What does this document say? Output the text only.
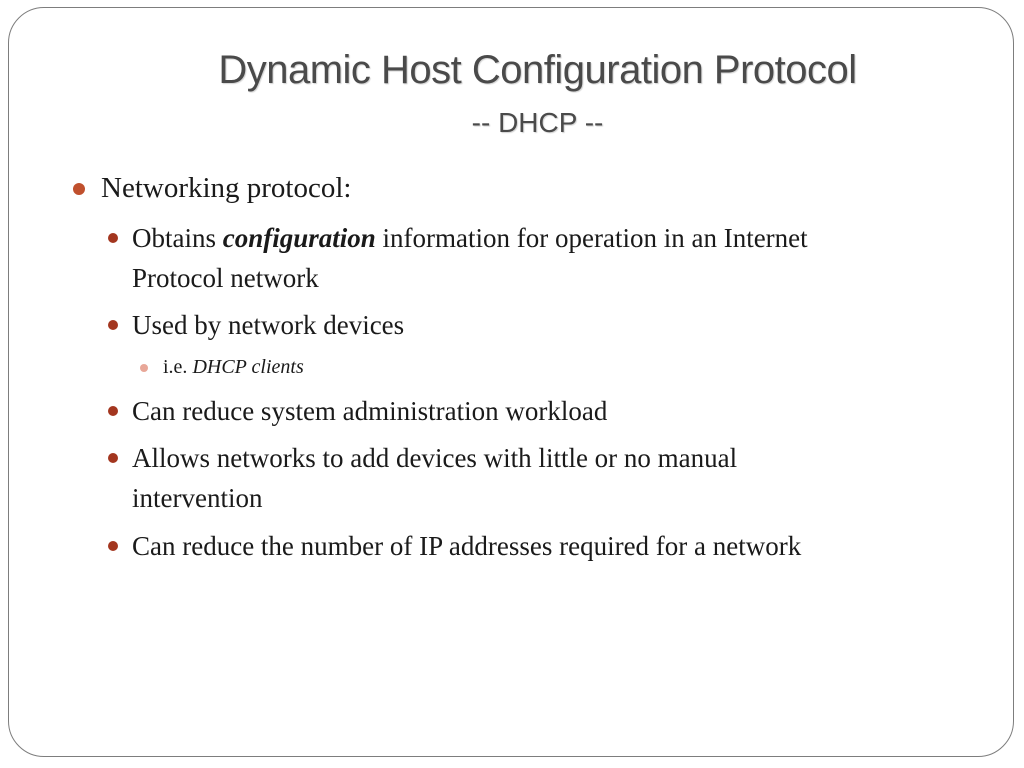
Dynamic Host Configuration Protocol
-- DHCP --
Networking protocol:
Obtains configuration information for operation in an Internet
Protocol network
Used by network devices
i.e. DHCP clients
Can reduce system administration workload
Allows networks to add devices with little or no manual
intervention
Can reduce the number of IP addresses required for a network
